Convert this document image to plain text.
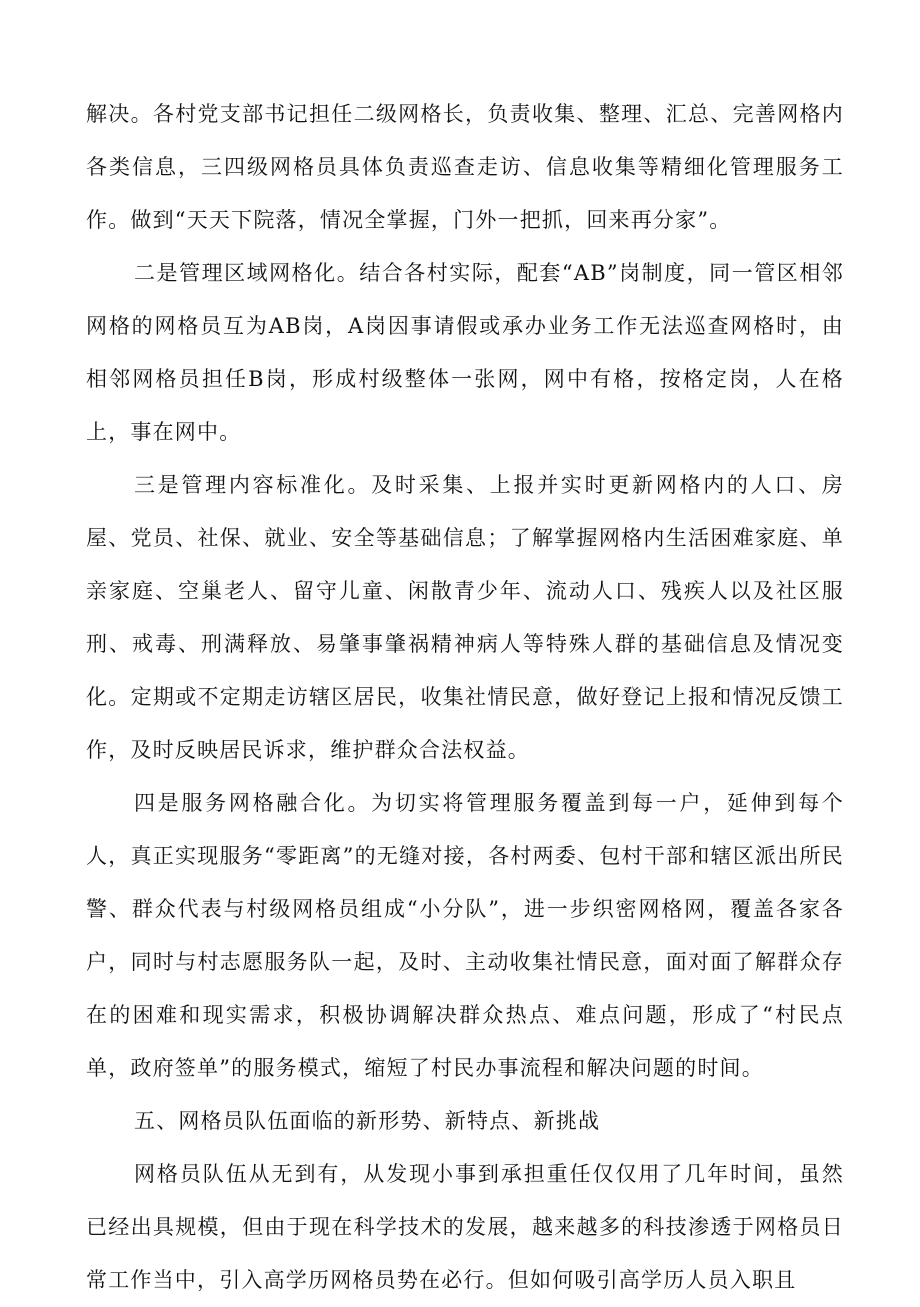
解决。各村党支部书记担任二级网格长，负责收集、整理、汇总、完善网格内各类信息，三四级网格员具体负责巡查走访、信息收集等精细化管理服务工作。做到“天天下院落，情况全掌握，门外一把抓，回来再分家”。

二是管理区域网格化。结合各村实际，配套“AB”岗制度，同一管区相邻网格的网格员互为AB岗，A岗因事请假或承办业务工作无法巡查网格时，由相邻网格员担任B岗，形成村级整体一张网，网中有格，按格定岗，人在格上，事在网中。

三是管理内容标准化。及时采集、上报并实时更新网格内的人口、房屋、党员、社保、就业、安全等基础信息；了解掌握网格内生活困难家庭、单亲家庭、空巢老人、留守儿童、闲散青少年、流动人口、残疾人以及社区服刑、戒毒、刑满释放、易肇事肇祸精神病人等特殊人群的基础信息及情况变化。定期或不定期走访辖区居民，收集社情民意，做好登记上报和情况反馈工作，及时反映居民诉求，维护群众合法权益。

四是服务网格融合化。为切实将管理服务覆盖到每一户，延伸到每个人，真正实现服务“零距离”的无缝对接，各村两委、包村干部和辖区派出所民警、群众代表与村级网格员组成“小分队”，进一步织密网格网，覆盖各家各户，同时与村志愿服务队一起，及时、主动收集社情民意，面对面了解群众存在的困难和现实需求，积极协调解决群众热点、难点问题，形成了“村民点单，政府签单”的服务模式，缩短了村民办事流程和解决问题的时间。

五、网格员队伍面临的新形势、新特点、新挑战

网格员队伍从无到有，从发现小事到承担重任仅仅用了几年时间，虽然已经出具规模，但由于现在科学技术的发展，越来越多的科技渗透于网格员日常工作当中，引入高学历网格员势在必行。但如何吸引高学历人员入职且
